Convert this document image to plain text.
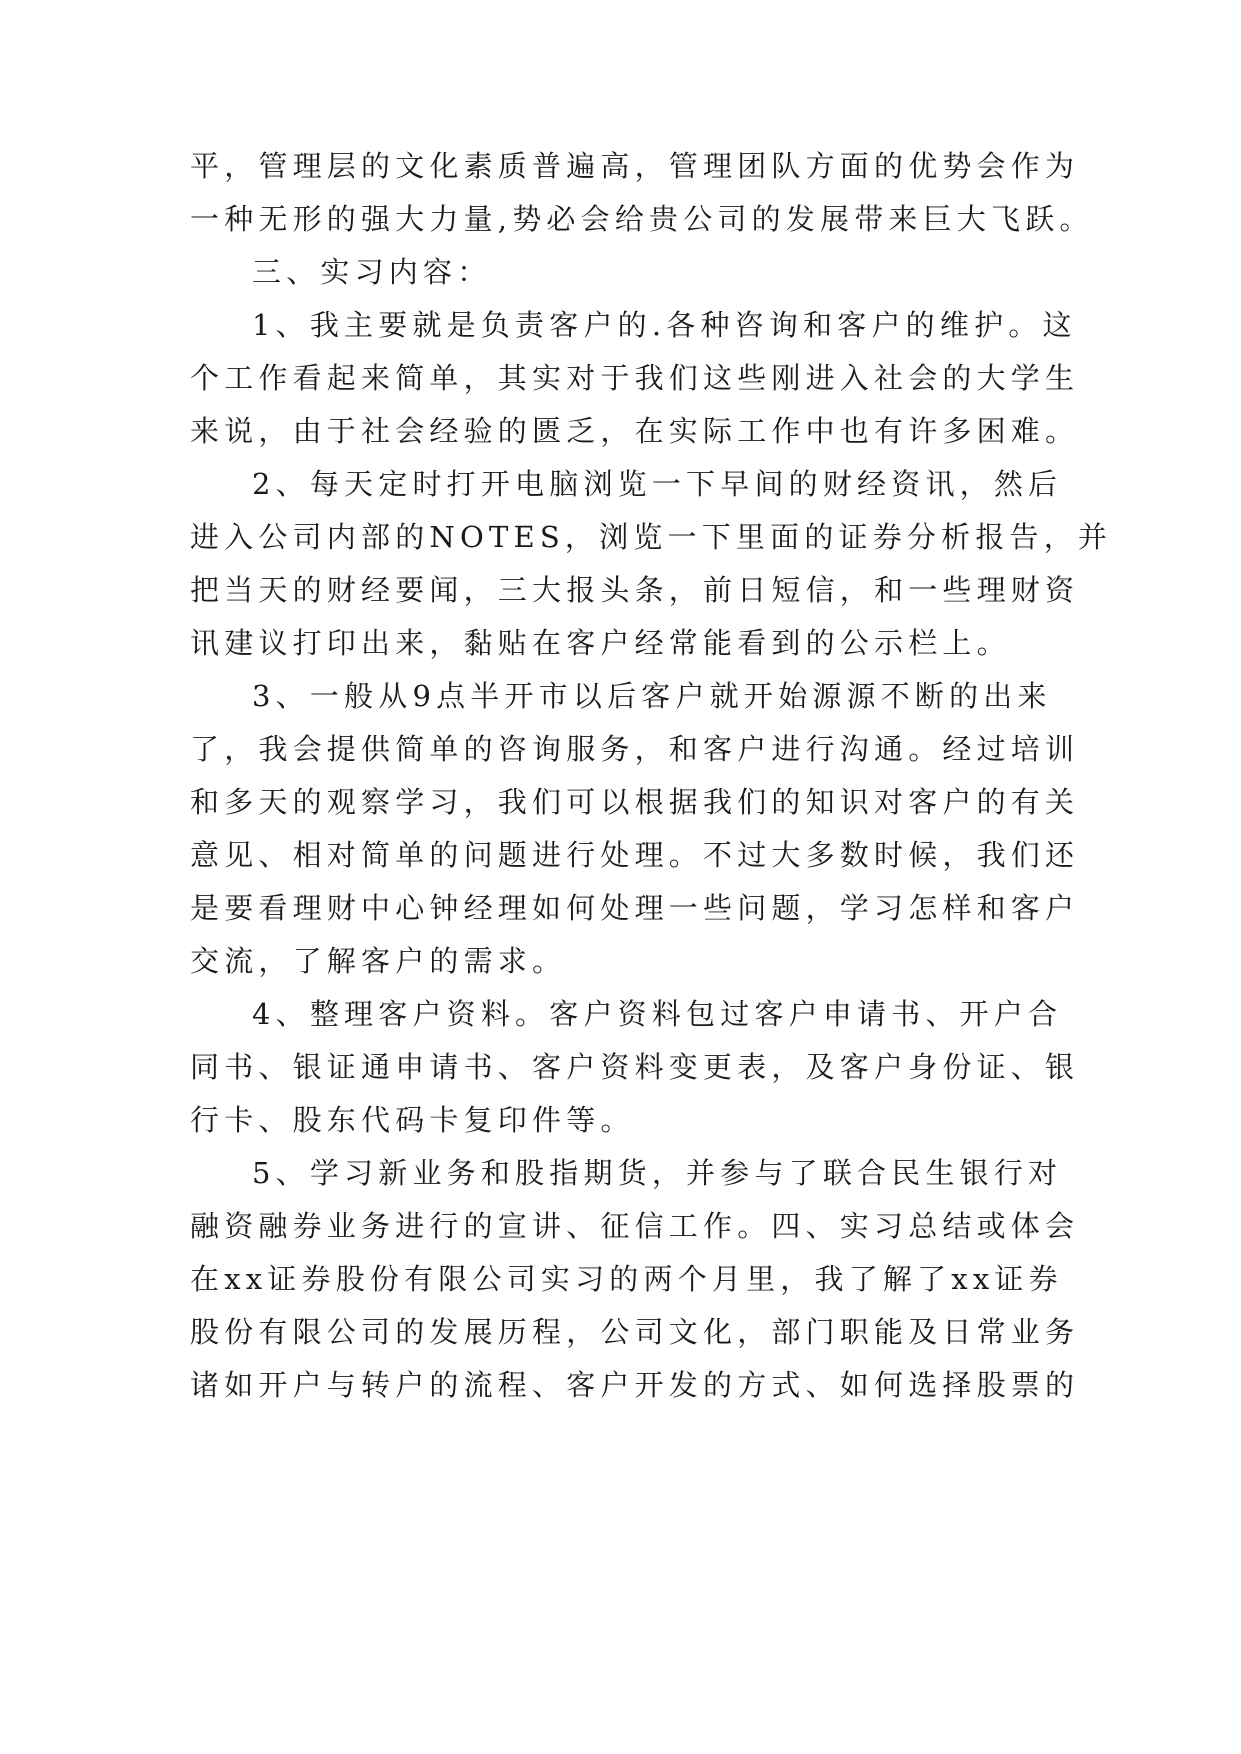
平，管理层的文化素质普遍高，管理团队方面的优势会作为
一种无形的强大力量,势必会给贵公司的发展带来巨大飞跃。
三、实习内容：
1、我主要就是负责客户的.各种咨询和客户的维护。这
个工作看起来简单，其实对于我们这些刚进入社会的大学生
来说，由于社会经验的匮乏，在实际工作中也有许多困难。
2、每天定时打开电脑浏览一下早间的财经资讯，然后
进入公司内部的NOTES，浏览一下里面的证券分析报告，并
把当天的财经要闻，三大报头条，前日短信，和一些理财资
讯建议打印出来，黏贴在客户经常能看到的公示栏上。
3、一般从9点半开市以后客户就开始源源不断的出来
了，我会提供简单的咨询服务，和客户进行沟通。经过培训
和多天的观察学习，我们可以根据我们的知识对客户的有关
意见、相对简单的问题进行处理。不过大多数时候，我们还
是要看理财中心钟经理如何处理一些问题，学习怎样和客户
交流，了解客户的需求。
4、整理客户资料。客户资料包过客户申请书、开户合
同书、银证通申请书、客户资料变更表，及客户身份证、银
行卡、股东代码卡复印件等。
5、学习新业务和股指期货，并参与了联合民生银行对
融资融券业务进行的宣讲、征信工作。四、实习总结或体会
在xx证券股份有限公司实习的两个月里，我了解了xx证券
股份有限公司的发展历程，公司文化，部门职能及日常业务
诸如开户与转户的流程、客户开发的方式、如何选择股票的
